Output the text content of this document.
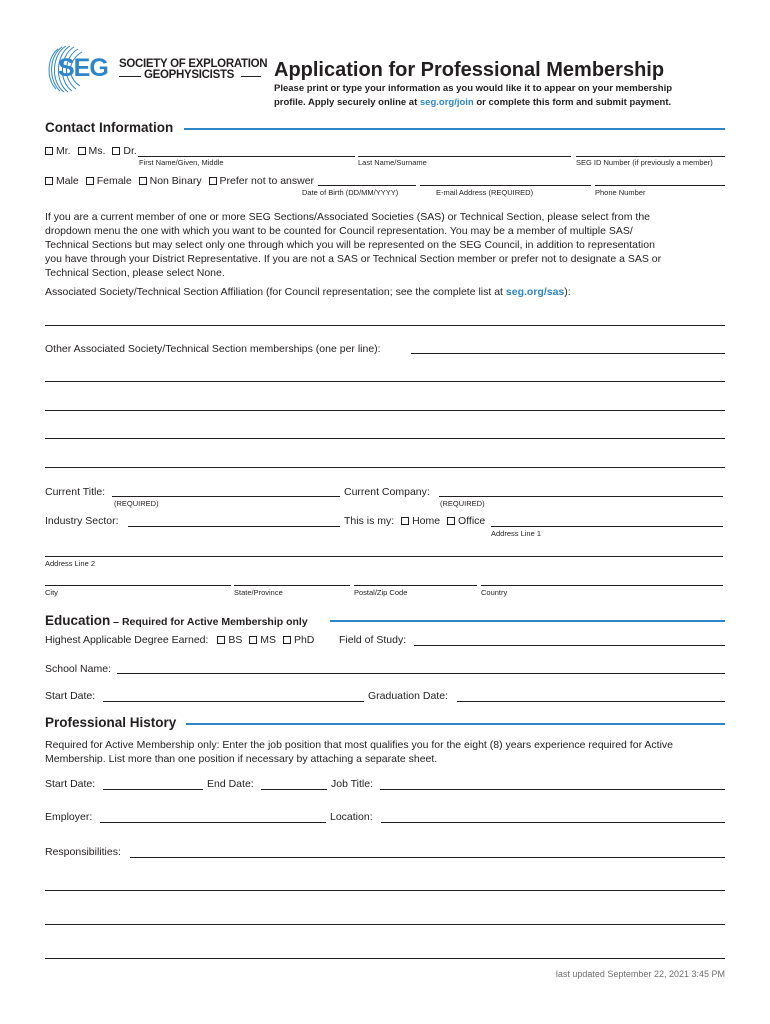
SEG SOCIETY OF EXPLORATION
GEOPHYSICISTS Application for Professional Membership
Please print or type your information as you would like it to appear on your membership
profile. Apply securely online at seg.org/join or complete this form and submit payment.
Contact Information
Mr. Ms. Dr.
First Name/Given, Middle	Last Name/Surname	SEG ID Number (if previously a member)
Male Female Non Binary Prefer not to answer
Date of Birth (DD/MM/YYYY)	E-mail Address (REQUIRED)	Phone Number
If you are a current member of one or more SEG Sections/Associated Societies (SAS) or Technical Section, please select from the
dropdown menu the one with which you want to be counted for Council representation. You may be a member of multiple SAS/
Technical Sections but may select only one through which you will be represented on the SEG Council, in addition to representation
you have through your District Representative. If you are not a SAS or Technical Section member or prefer not to designate a SAS or
Technical Section, please select None.
Associated Society/Technical Section Affiliation (for Council representation; see the complete list at seg.org/sas):
Other Associated Society/Technical Section memberships (one per line):
Current Title:
(REQUIRED)
Current Company:
(REQUIRED)
Industry Sector:	This is my: Home Office
Address Line 1
Address Line 2
City	State/Province	Postal/Zip Code	Country
Education – Required for Active Membership only
Highest Applicable Degree Earned: BS MS PhD	Field of Study:
School Name:
Start Date:	Graduation Date:
Professional History
Required for Active Membership only: Enter the job position that most qualifies you for the eight (8) years experience required for Active
Membership. List more than one position if necessary by attaching a separate sheet.
Start Date:	End Date:	Job Title:
Employer:	Location:
Responsibilities:
last updated September 22, 2021 3:45 PM
